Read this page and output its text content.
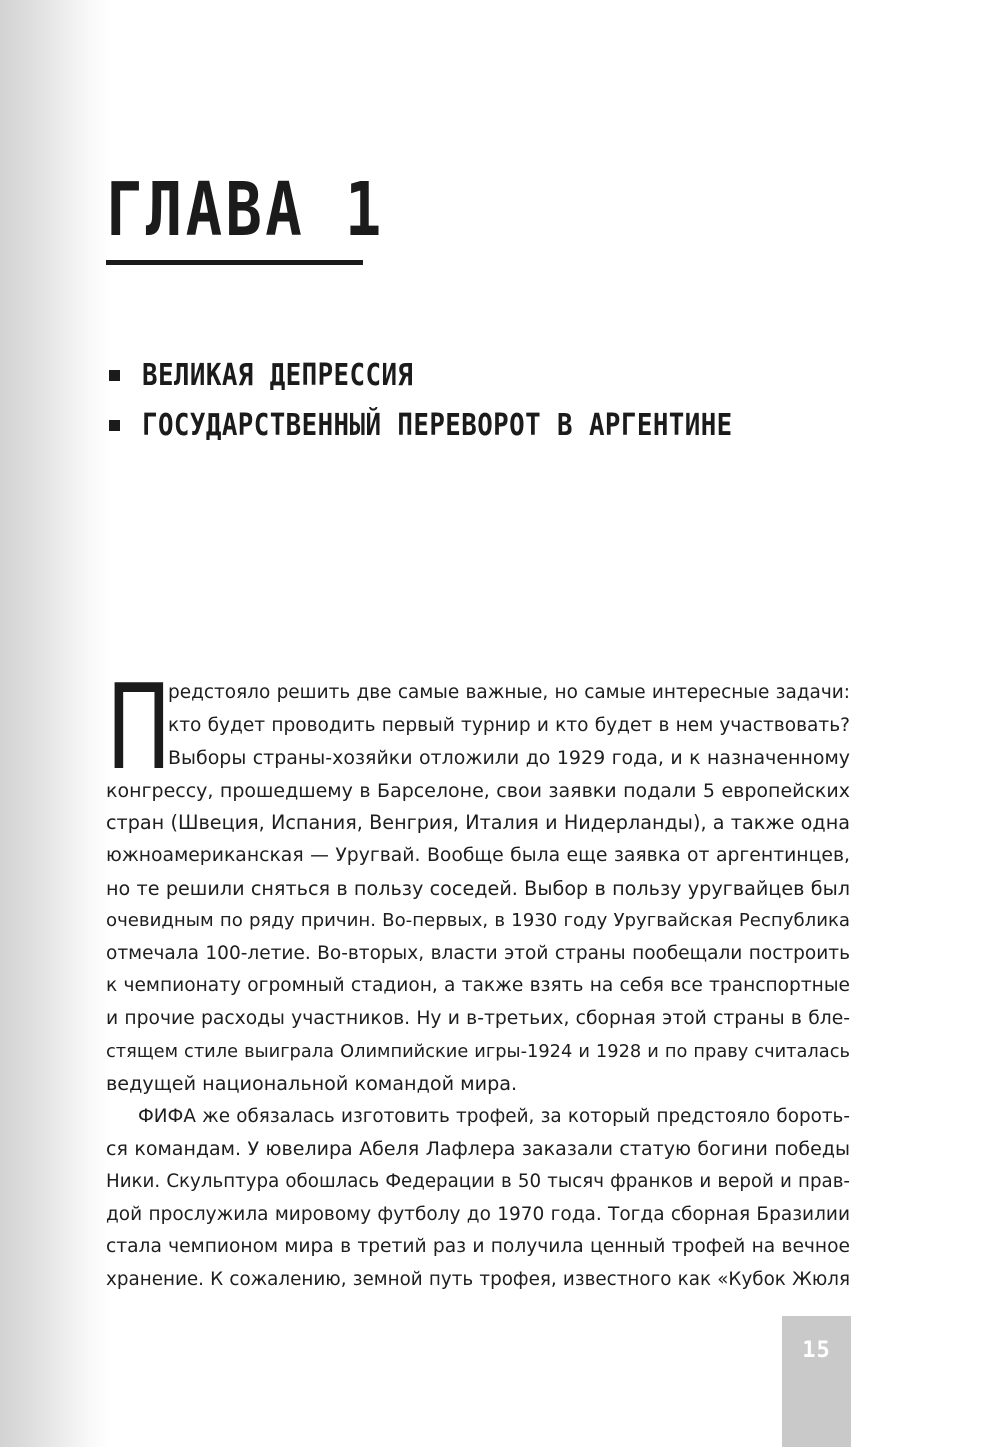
ГЛАВА 1
ВЕЛИКАЯ ДЕПРЕССИЯ
ГОСУДАРСТВЕННЫЙ ПЕРЕВОРОТ В АРГЕНТИНЕ
П
редстояло решить две самые важные, но самые интересные задачи:
кто будет проводить первый турнир и кто будет в нем участвовать?
Выборы страны-хозяйки отложили до 1929 года, и к назначенному
конгрессу, прошедшему в Барселоне, свои заявки подали 5 европейских
стран (Швеция, Испания, Венгрия, Италия и Нидерланды), а также одна
южноамериканская — Уругвай. Вообще была еще заявка от аргентинцев,
но те решили сняться в пользу соседей. Выбор в пользу уругвайцев был
очевидным по ряду причин. Во-первых, в 1930 году Уругвайская Республика
отмечала 100-летие. Во-вторых, власти этой страны пообещали построить
к чемпионату огромный стадион, а также взять на себя все транспортные
и прочие расходы участников. Ну и в-третьих, сборная этой страны в бле-
стящем стиле выиграла Олимпийские игры-1924 и 1928 и по праву считалась
ведущей национальной командой мира.
ФИФА же обязалась изготовить трофей, за который предстояло бороть-
ся командам. У ювелира Абеля Лафлера заказали статую богини победы
Ники. Скульптура обошлась Федерации в 50 тысяч франков и верой и прав-
дой прослужила мировому футболу до 1970 года. Тогда сборная Бразилии
стала чемпионом мира в третий раз и получила ценный трофей на вечное
хранение. К сожалению, земной путь трофея, известного как «Кубок Жюля
15
